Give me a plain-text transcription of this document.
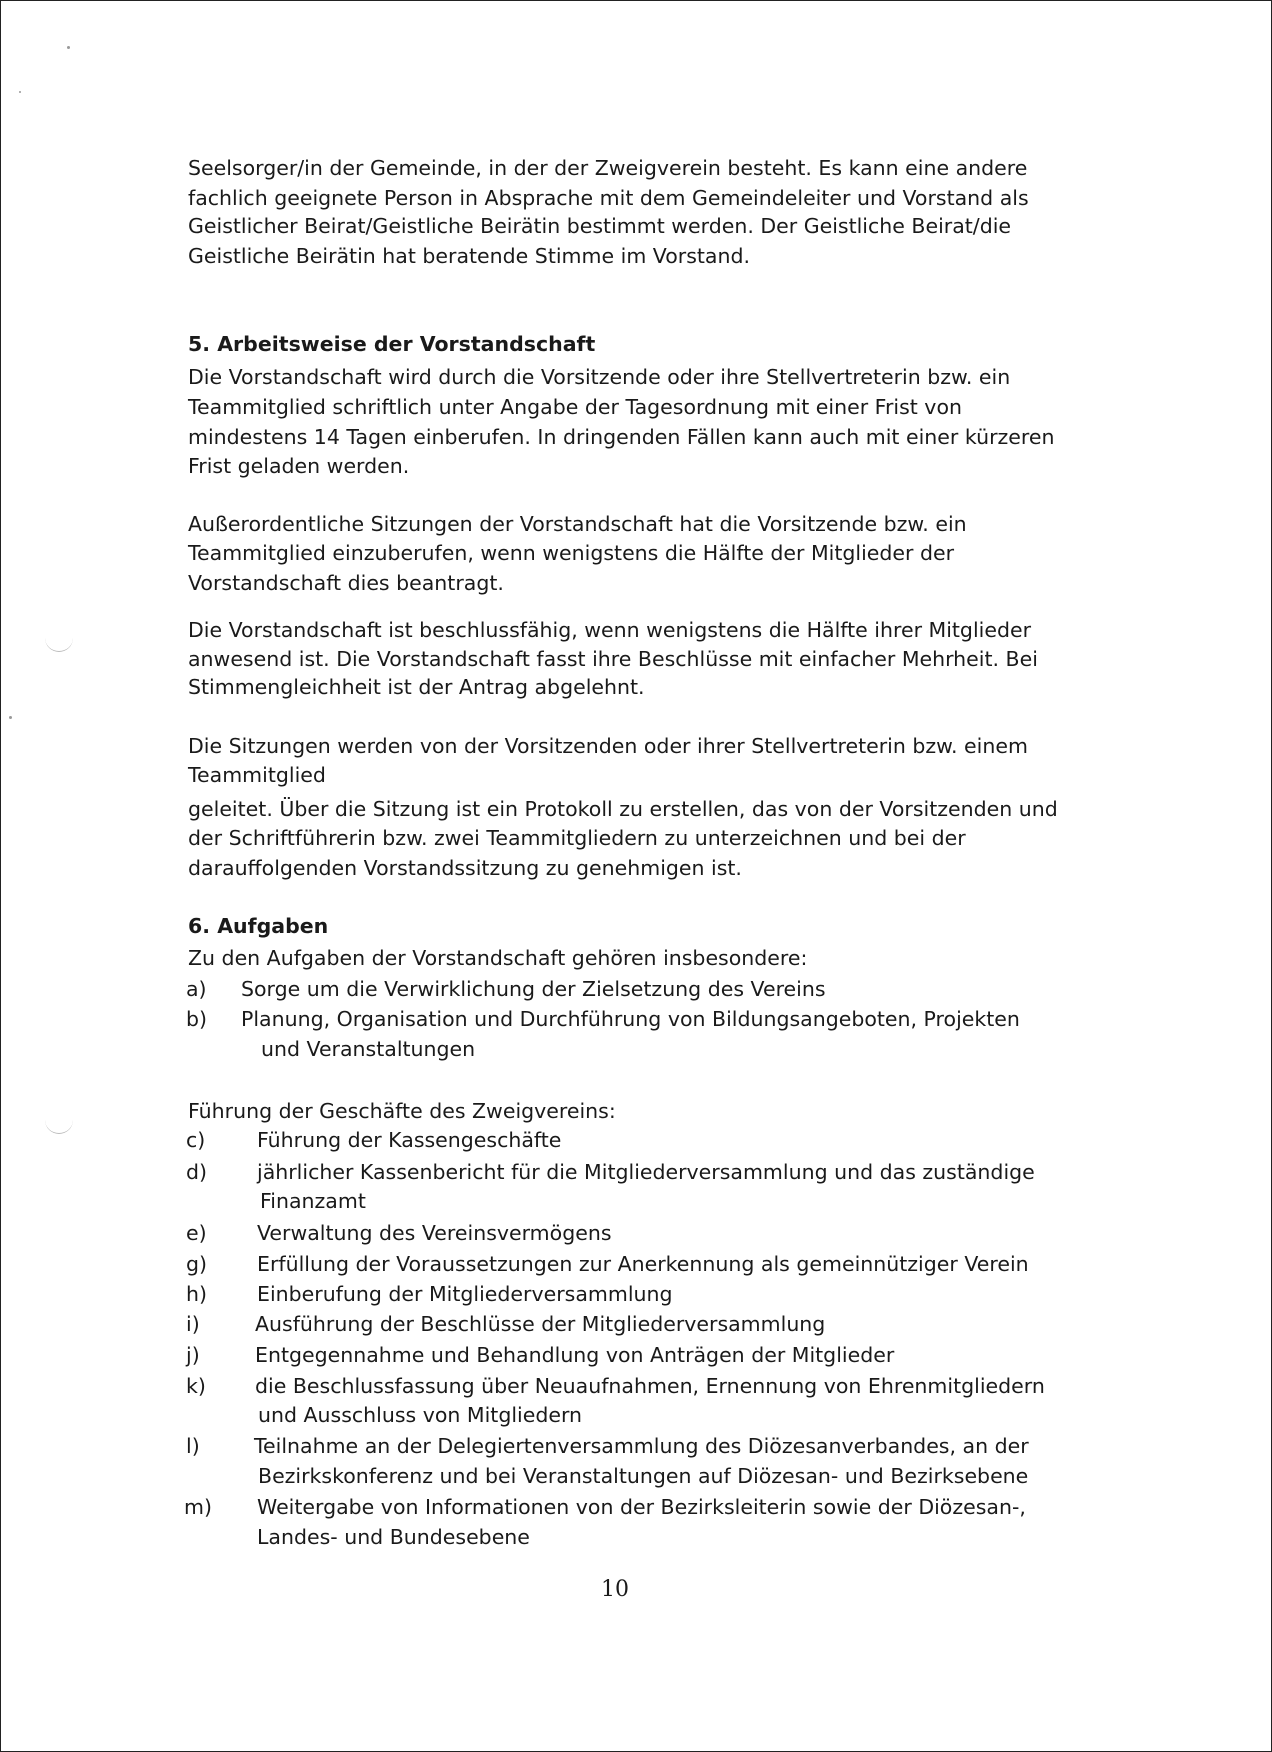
Seelsorger/in der Gemeinde, in der der Zweigverein besteht. Es kann eine andere
fachlich geeignete Person in Absprache mit dem Gemeindeleiter und Vorstand als
Geistlicher Beirat/Geistliche Beirätin bestimmt werden. Der Geistliche Beirat/die
Geistliche Beirätin hat beratende Stimme im Vorstand.
5. Arbeitsweise der Vorstandschaft
Die Vorstandschaft wird durch die Vorsitzende oder ihre Stellvertreterin bzw. ein
Teammitglied schriftlich unter Angabe der Tagesordnung mit einer Frist von
mindestens 14 Tagen einberufen. In dringenden Fällen kann auch mit einer kürzeren
Frist geladen werden.
Außerordentliche Sitzungen der Vorstandschaft hat die Vorsitzende bzw. ein
Teammitglied einzuberufen, wenn wenigstens die Hälfte der Mitglieder der
Vorstandschaft dies beantragt.
Die Vorstandschaft ist beschlussfähig, wenn wenigstens die Hälfte ihrer Mitglieder
anwesend ist. Die Vorstandschaft fasst ihre Beschlüsse mit einfacher Mehrheit. Bei
Stimmengleichheit ist der Antrag abgelehnt.
Die Sitzungen werden von der Vorsitzenden oder ihrer Stellvertreterin bzw. einem
Teammitglied
geleitet. Über die Sitzung ist ein Protokoll zu erstellen, das von der Vorsitzenden und
der Schriftführerin bzw. zwei Teammitgliedern zu unterzeichnen und bei der
darauffolgenden Vorstandssitzung zu genehmigen ist.
6. Aufgaben
Zu den Aufgaben der Vorstandschaft gehören insbesondere:
a) Sorge um die Verwirklichung der Zielsetzung des Vereins
b) Planung, Organisation und Durchführung von Bildungsangeboten, Projekten
und Veranstaltungen
Führung der Geschäfte des Zweigvereins:
c)	Führung der Kassengeschäfte
d) jährlicher Kassenbericht für die Mitgliederversammlung und das zuständige
Finanzamt
e) Verwaltung des Vereinsvermögens
g) Erfüllung der Voraussetzungen zur Anerkennung als gemeinnütziger Verein
h) Einberufung der Mitgliederversammlung
i)	Ausführung der Beschlüsse der Mitgliederversammlung
j)	Entgegennahme und Behandlung von Anträgen der Mitglieder
k) die Beschlussfassung über Neuaufnahmen, Ernennung von Ehrenmitgliedern
und Ausschluss von Mitgliedern
l)	Teilnahme an der Delegiertenversammlung des Diözesanverbandes, an der
Bezirkskonferenz und bei Veranstaltungen auf Diözesan- und Bezirksebene
m) Weitergabe von Informationen von der Bezirksleiterin sowie der Diözesan-,
Landes- und Bundesebene
10
